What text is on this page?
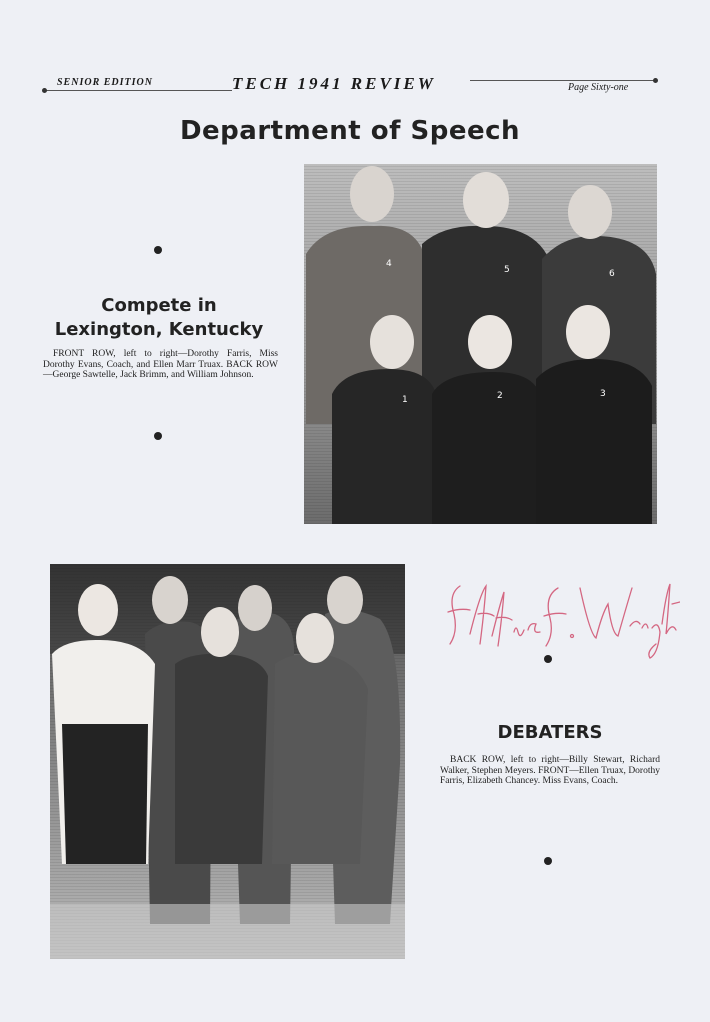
SENIOR EDITION	TECH 1941 REVIEW	Page Sixty-one
Department of Speech
Compete in
Lexington, Kentucky
FRONT ROW, left to right—Dorothy Farris, Miss Dorothy Evans, Coach, and Ellen Marr Truax. BACK ROW—George Sawtelle, Jack Brimm, and William Johnson.
4
5	6
1	2	3
DEBATERS
BACK ROW, left to right—Billy Stewart, Richard Walker, Stephen Meyers. FRONT—Ellen Truax, Dorothy Farris, Elizabeth Chancey. Miss Evans, Coach.
